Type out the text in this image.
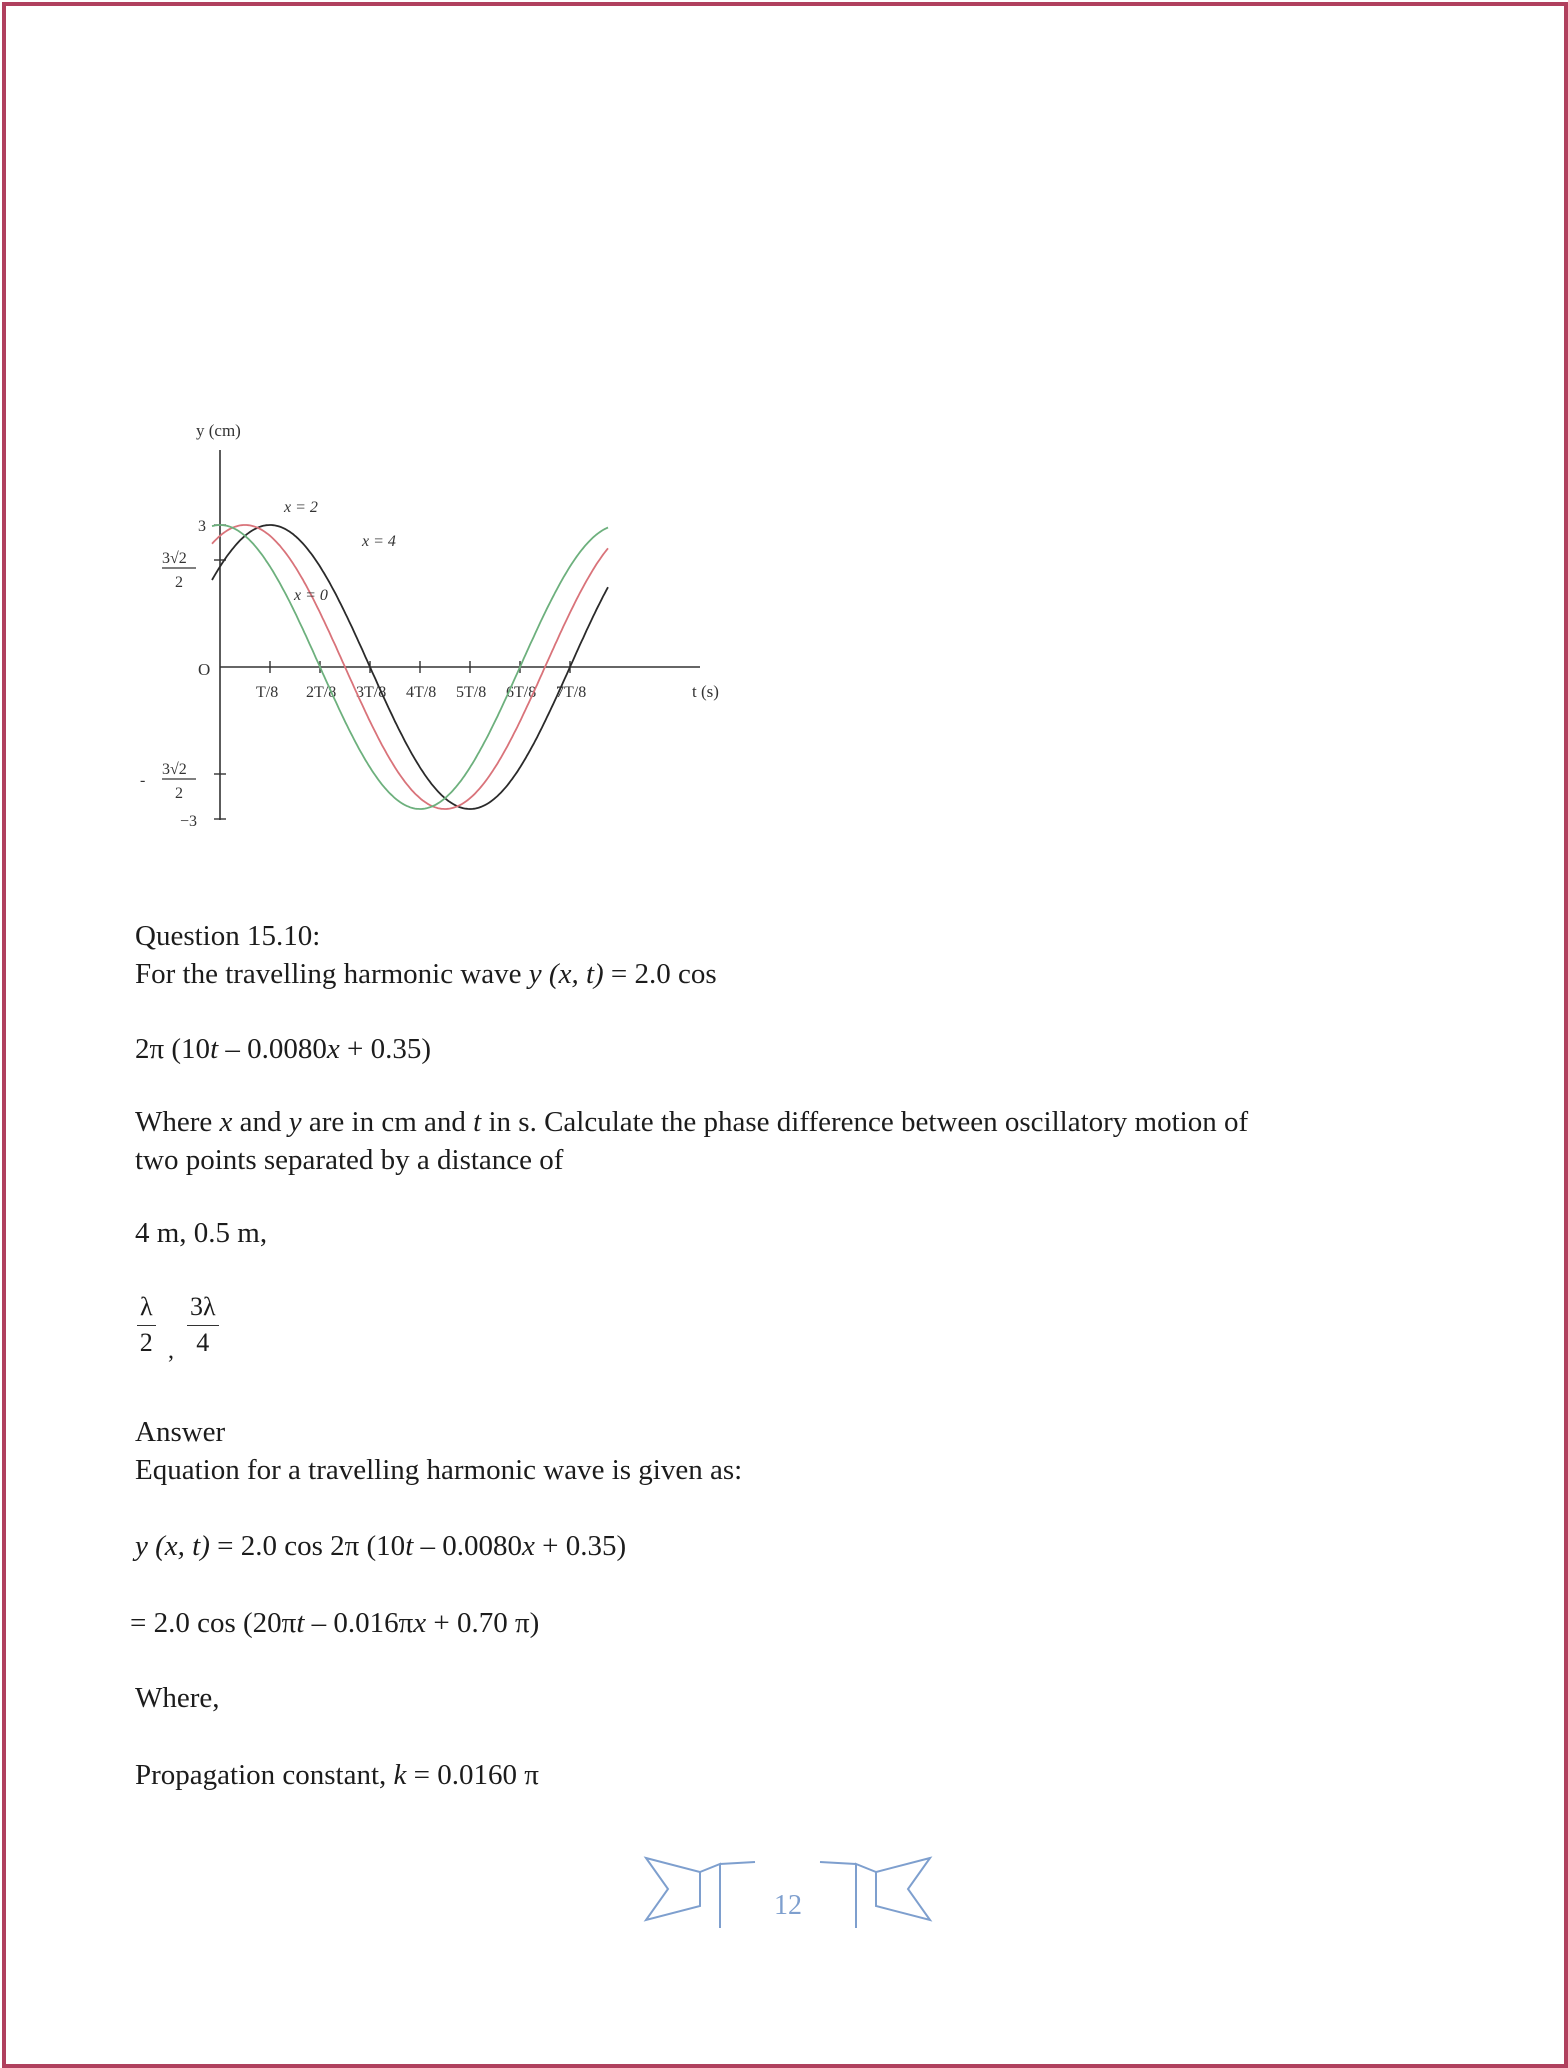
y (cm)
t (s)
3
3√2
2
O
-
3√2
2
−3
T/8 2T/8 3T/8 4T/8 5T/8 6T/8 7T/8
x = 0
x = 2
x = 4
Question 15.10:
For the travelling harmonic wave y (x, t) = 2.0 cos
2π (10t – 0.0080x + 0.35)
Where x and y are in cm and t in s. Calculate the phase difference between oscillatory motion of
two points separated by a distance of
4 m, 0.5 m,
$\frac{\lambda}{2}$ , $\frac{3\lambda}{4}$
Answer
Equation for a travelling harmonic wave is given as:
y (x, t) = 2.0 cos 2π (10t – 0.0080x + 0.35)
= 2.0 cos (20πt – 0.016πx + 0.70 π)
Where,
Propagation constant, k = 0.0160 π
12
